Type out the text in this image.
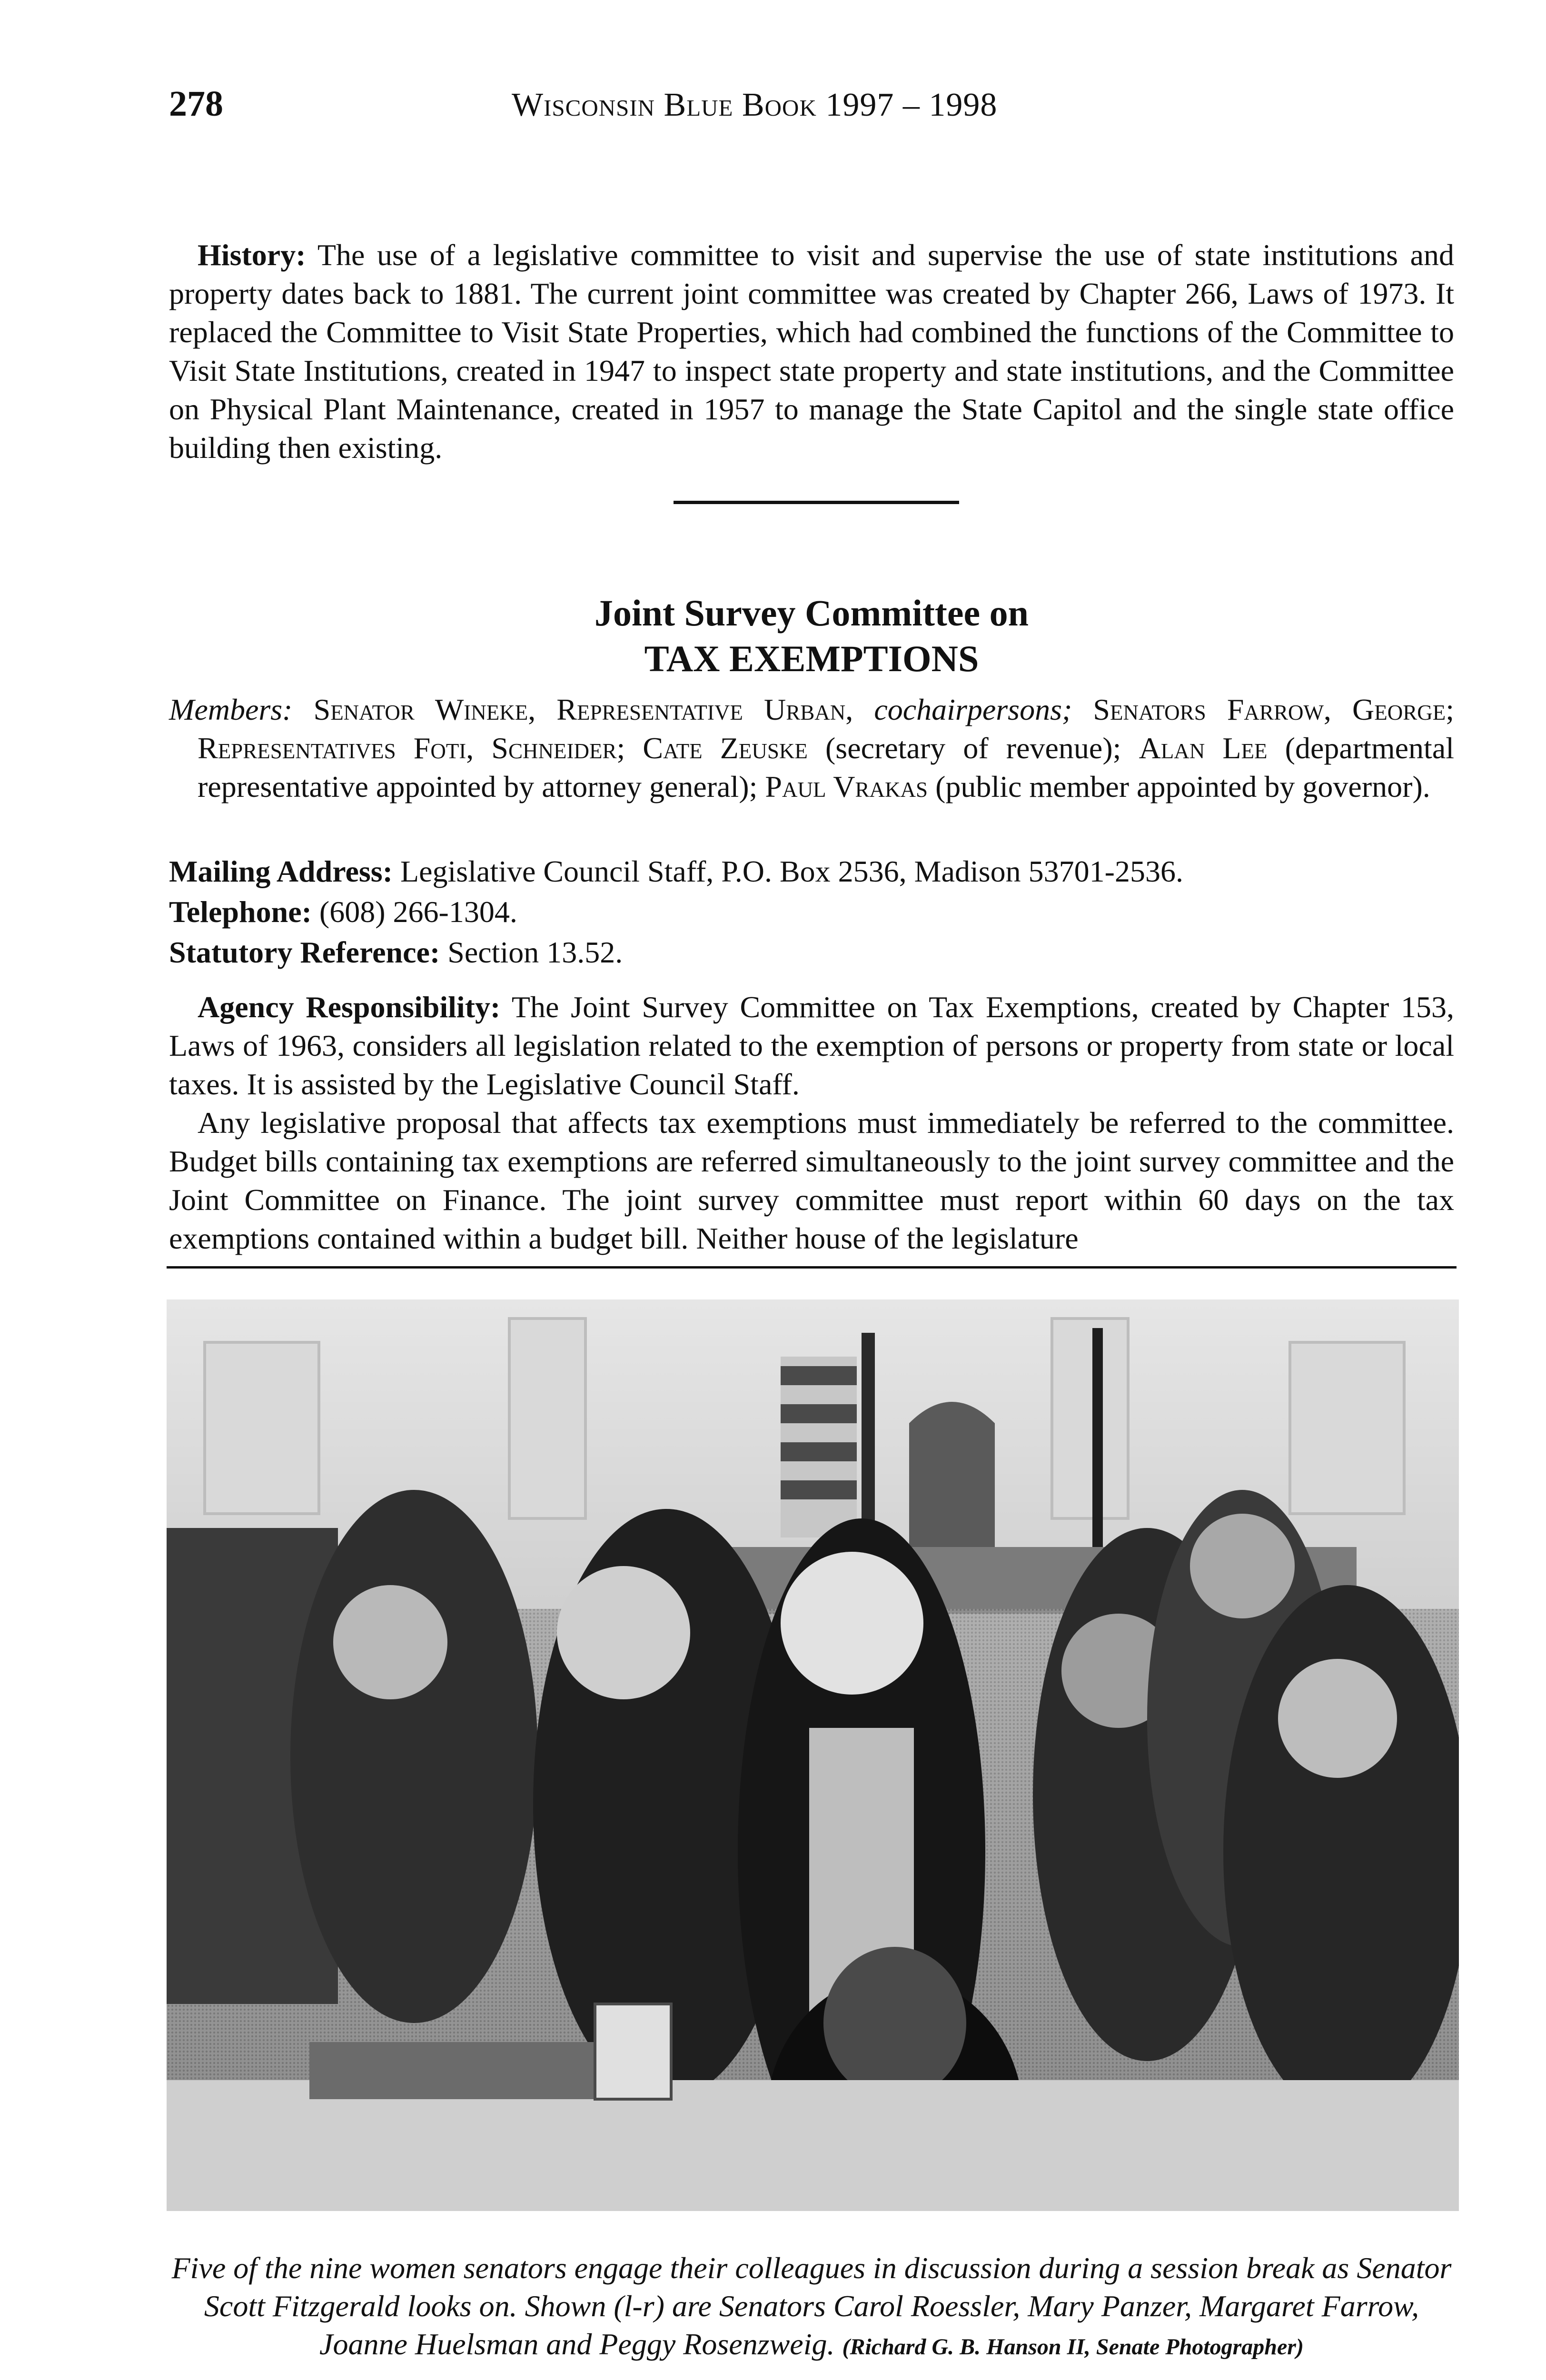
278	Wisconsin Blue Book 1997 – 1998

History: The use of a legislative committee to visit and supervise the use of state institutions and property dates back to 1881. The current joint committee was created by Chapter 266, Laws of 1973. It replaced the Committee to Visit State Properties, which had combined the functions of the Committee to Visit State Institutions, created in 1947 to inspect state property and state institutions, and the Committee on Physical Plant Maintenance, created in 1957 to manage the State Capitol and the single state office building then existing.

Joint Survey Committee on
TAX EXEMPTIONS

Members: Senator Wineke, Representative Urban, cochairpersons; Senators Farrow, George; Representatives Foti, Schneider; Cate Zeuske (secretary of revenue); Alan Lee (departmental representative appointed by attorney general); Paul Vrakas (public member appointed by governor).

Mailing Address: Legislative Council Staff, P.O. Box 2536, Madison 53701-2536.

Telephone: (608) 266-1304.

Statutory Reference: Section 13.52.

Agency Responsibility: The Joint Survey Committee on Tax Exemptions, created by Chapter 153, Laws of 1963, considers all legislation related to the exemption of persons or property from state or local taxes. It is assisted by the Legislative Council Staff.

Any legislative proposal that affects tax exemptions must immediately be referred to the committee. Budget bills containing tax exemptions are referred simultaneously to the joint survey committee and the Joint Committee on Finance. The joint survey committee must report within 60 days on the tax exemptions contained within a budget bill. Neither house of the legislature

Five of the nine women senators engage their colleagues in discussion during a session break as Senator Scott Fitzgerald looks on. Shown (l-r) are Senators Carol Roessler, Mary Panzer, Margaret Farrow, Joanne Huelsman and Peggy Rosenzweig. (Richard G. B. Hanson II, Senate Photographer)
